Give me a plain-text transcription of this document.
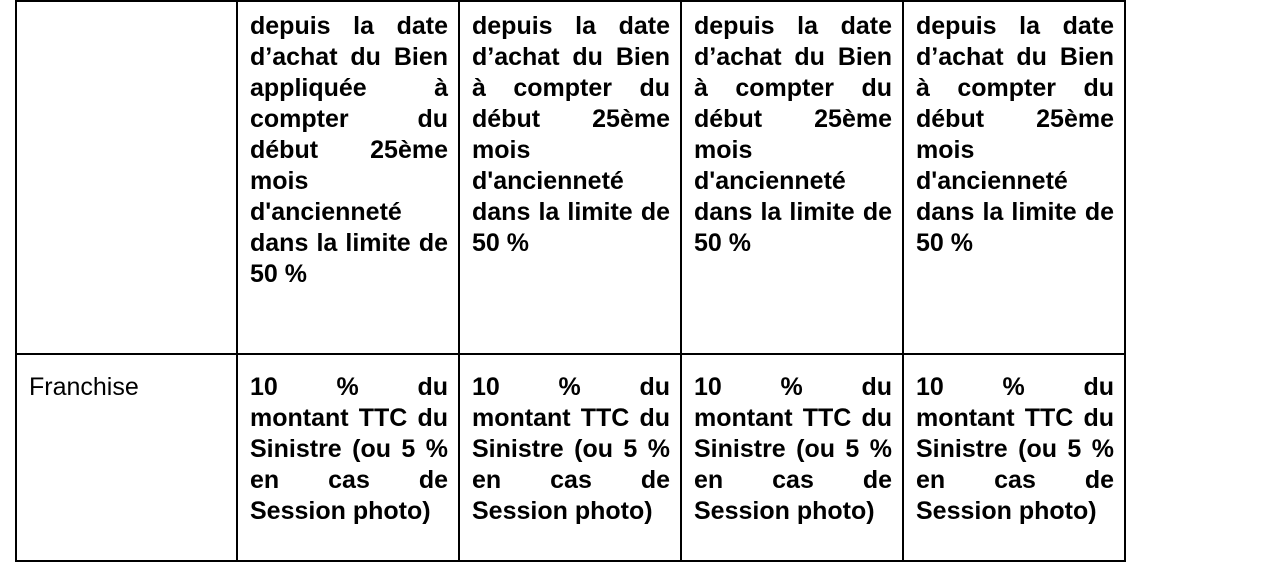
	depuis la date d’achat du Bien appliquée à compter du début 25ème mois d'ancienneté dans la limite de 50 %	depuis la date d’achat du Bien à compter du début 25ème mois d'ancienneté dans la limite de 50 %	depuis la date d’achat du Bien à compter du début 25ème mois d'ancienneté dans la limite de 50 %	depuis la date d’achat du Bien à compter du début 25ème mois d'ancienneté dans la limite de 50 %
Franchise	10 % du montant TTC du Sinistre (ou 5 % en cas de Session photo)	10 % du montant TTC du Sinistre (ou 5 % en cas de Session photo)	10 % du montant TTC du Sinistre (ou 5 % en cas de Session photo)	10 % du montant TTC du Sinistre (ou 5 % en cas de Session photo)
